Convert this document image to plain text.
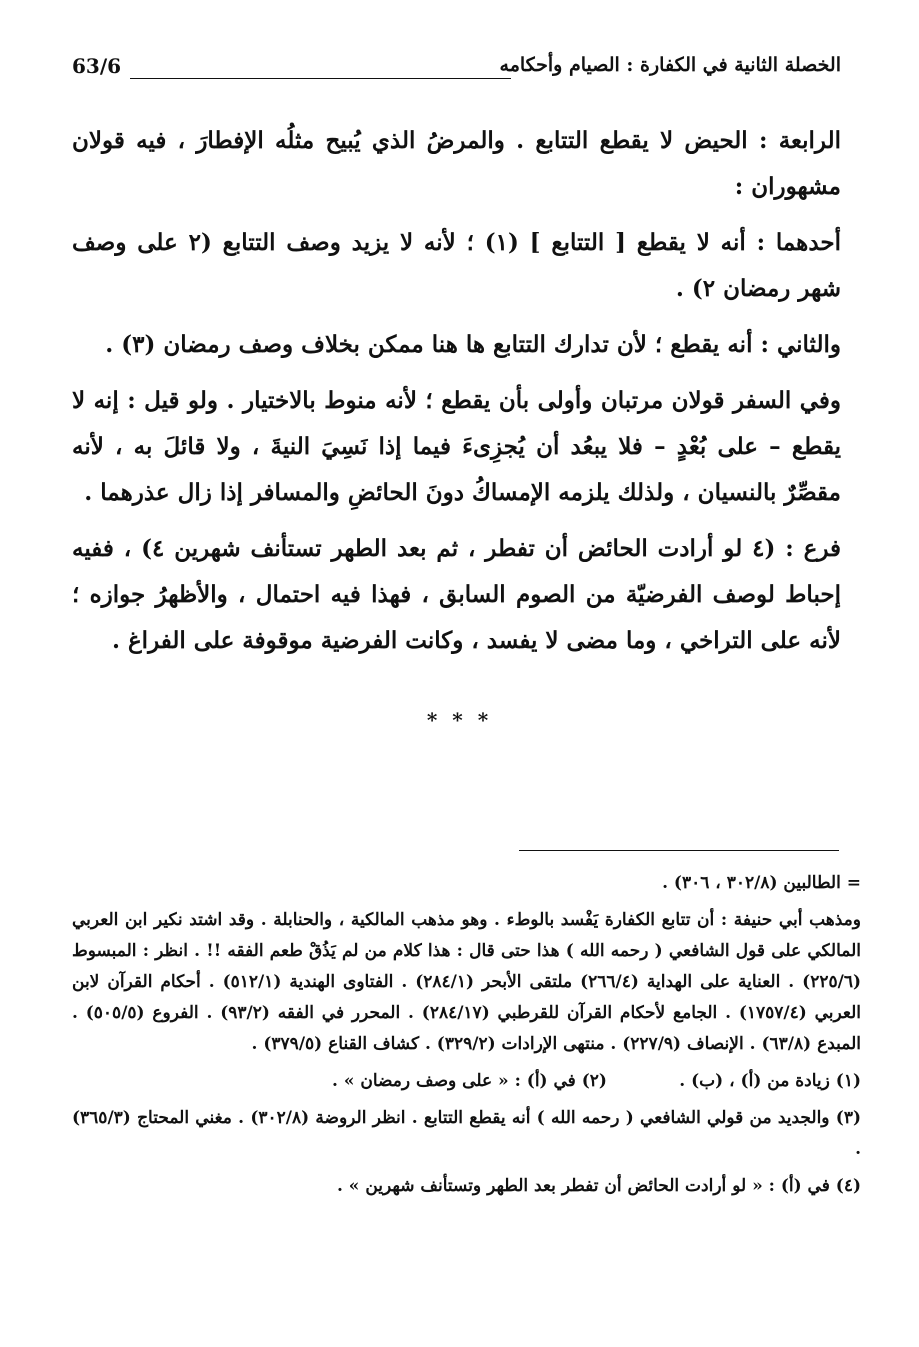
الخصلة الثانية في الكفارة : الصيام وأحكامه
63/6

الرابعة : الحيض لا يقطع التتابع . والمرضُ الذي يُبيح مثلُه الإفطارَ ، فيه قولان مشهوران :

أحدهما : أنه لا يقطع [ التتابع ] (١) ؛ لأنه لا يزيد وصف التتابع (٢ على وصف شهر رمضان ٢) .

والثاني : أنه يقطع ؛ لأن تدارك التتابع ها هنا ممكن بخلاف وصف رمضان (٣) .

وفي السفر قولان مرتبان وأولى بأن يقطع ؛ لأنه منوط بالاختيار . ولو قيل : إنه لا يقطع – على بُعْدٍ – فلا يبعُد أن يُجزِىءَ فيما إذا نَسِيَ النيةَ ، ولا قائلَ به ، لأنه مقصِّرٌ بالنسيان ، ولذلك يلزمه الإمساكُ دونَ الحائضِ والمسافر إذا زال عذرهما .

فرع : (٤ لو أرادت الحائض أن تفطر ، ثم بعد الطهر تستأنف شهرين ٤) ، ففيه إحباط لوصف الفرضيّة من الصوم السابق ، فهذا فيه احتمال ، والأظهرُ جوازه ؛ لأنه على التراخي ، وما مضى لا يفسد ، وكانت الفرضية موقوفة على الفراغ .

* * *

= الطالبين (٣٠٢/٨ ، ٣٠٦) .

ومذهب أبي حنيفة : أن تتابع الكفارة يَفْسد بالوطء . وهو مذهب المالكية ، والحنابلة . وقد اشتد نكير ابن العربي المالكي على قول الشافعي ( رحمه الله ) هذا حتى قال : هذا كلام من لم يَذُقْ طعم الفقه !! . انظر : المبسوط (٢٢٥/٦) . العناية على الهداية (٢٦٦/٤) ملتقى الأبحر (٢٨٤/١) . الفتاوى الهندية (٥١٢/١) . أحكام القرآن لابن العربي (١٧٥٧/٤) . الجامع لأحكام القرآن للقرطبي (٢٨٤/١٧) . المحرر في الفقه (٩٣/٢) . الفروع (٥٠٥/٥) . المبدع (٦٣/٨) . الإنصاف (٢٢٧/٩) . منتهى الإرادات (٣٢٩/٢) . كشاف القناع (٣٧٩/٥) .

(١) زيادة من (أ) ، (ب) .
(٢) في (أ) : « على وصف رمضان » .

(٣) والجديد من قولي الشافعي ( رحمه الله ) أنه يقطع التتابع . انظر الروضة (٣٠٢/٨) . مغني المحتاج (٣٦٥/٣) .

(٤) في (أ) : « لو أرادت الحائض أن تفطر بعد الطهر وتستأنف شهرين » .
